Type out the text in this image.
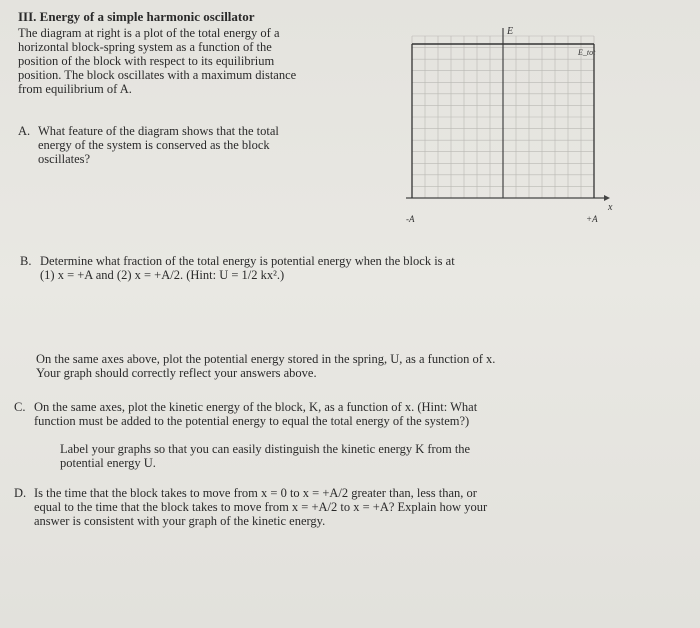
III. Energy of a simple harmonic oscillator
The diagram at right is a plot of the total energy of a
horizontal block-spring system as a function of the
position of the block with respect to its equilibrium
position. The block oscillates with a maximum distance
from equilibrium of A.
A. What feature of the diagram shows that the total
energy of the system is conserved as the block
oscillates?
B. Determine what fraction of the total energy is potential energy when the block is at
(1) x = +A and (2) x = +A/2. (Hint: U = 1/2 kx².)
On the same axes above, plot the potential energy stored in the spring, U, as a function of x.
Your graph should correctly reflect your answers above.
C. On the same axes, plot the kinetic energy of the block, K, as a function of x. (Hint: What
function must be added to the potential energy to equal the total energy of the system?)
Label your graphs so that you can easily distinguish the kinetic energy K from the
potential energy U.
D. Is the time that the block takes to move from x = 0 to x = +A/2 greater than, less than, or
equal to the time that the block takes to move from x = +A/2 to x = +A? Explain how your
answer is consistent with your graph of the kinetic energy.
E
x
-A	+A
E_tot
